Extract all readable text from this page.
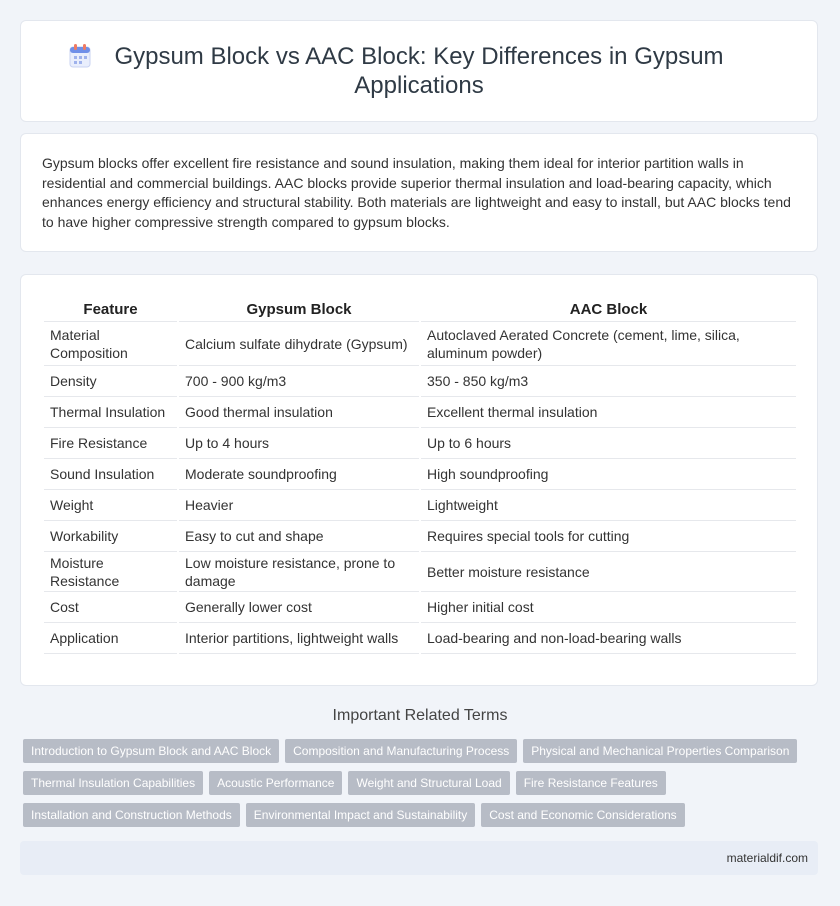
Gypsum Block vs AAC Block: Key Differences in Gypsum Applications

Gypsum blocks offer excellent fire resistance and sound insulation, making them ideal for interior partition walls in residential and commercial buildings. AAC blocks provide superior thermal insulation and load-bearing capacity, which enhances energy efficiency and structural stability. Both materials are lightweight and easy to install, but AAC blocks tend to have higher compressive strength compared to gypsum blocks.

Feature	Gypsum Block	AAC Block
Material Composition	Calcium sulfate dihydrate (Gypsum)	Autoclaved Aerated Concrete (cement, lime, silica, aluminum powder)
Density	700 - 900 kg/m3	350 - 850 kg/m3
Thermal Insulation	Good thermal insulation	Excellent thermal insulation
Fire Resistance	Up to 4 hours	Up to 6 hours
Sound Insulation	Moderate soundproofing	High soundproofing
Weight	Heavier	Lightweight
Workability	Easy to cut and shape	Requires special tools for cutting
Moisture Resistance	Low moisture resistance, prone to damage	Better moisture resistance
Cost	Generally lower cost	Higher initial cost
Application	Interior partitions, lightweight walls	Load-bearing and non-load-bearing walls
Important Related Terms
Introduction to Gypsum Block and AAC Block Composition and Manufacturing Process Physical and Mechanical Properties Comparison
Thermal Insulation Capabilities Acoustic Performance Weight and Structural Load Fire Resistance Features
Installation and Construction Methods Environmental Impact and Sustainability Cost and Economic Considerations
materialdif.com
